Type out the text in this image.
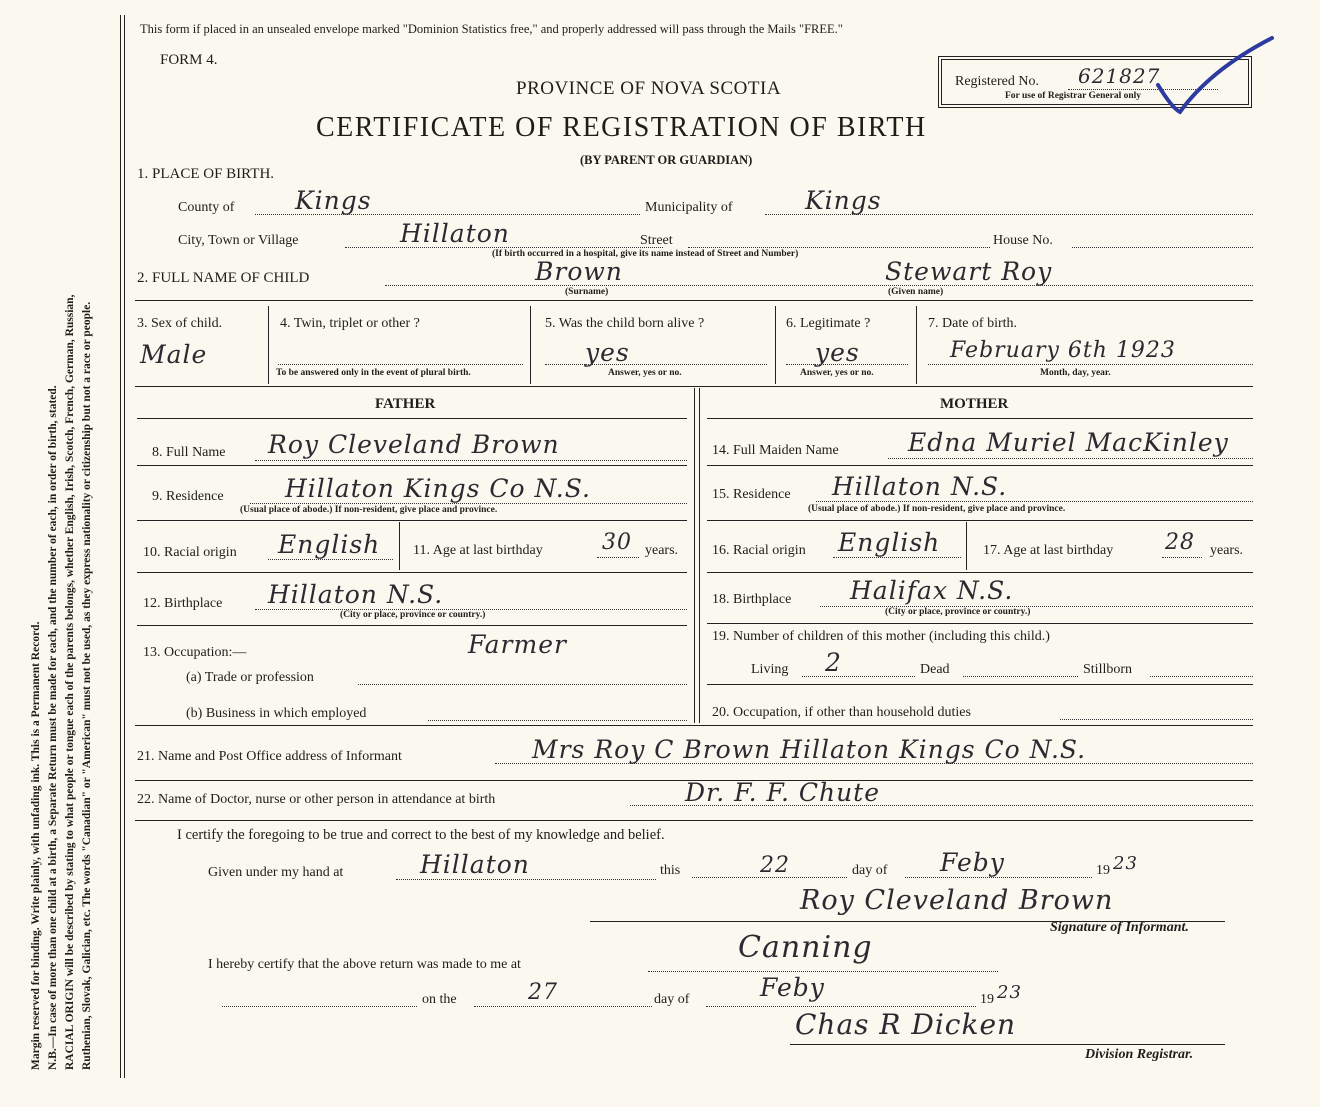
Margin reserved for binding. Write plainly, with unfading ink. This is a Permanent Record. N.B.—In case of more than one child at a birth, a Separate Return must be made for each, and the number of each, in order of birth, stated. RACIAL ORIGIN will be described by stating to what people or tongue each of the parents belongs, whether English, Irish, Scotch, French, German, Russian, Ruthenian, Slovak, Galician, etc. The words "Canadian" or "American" must not be used, as they express nationality or citizenship but not a race or people.
This form if placed in an unsealed envelope marked "Dominion Statistics free," and properly addressed will pass through the Mails "FREE."
FORM 4.
PROVINCE OF NOVA SCOTIA
CERTIFICATE OF REGISTRATION OF BIRTH
(BY PARENT OR GUARDIAN)
Registered No. 621827
For use of Registrar General only
1. PLACE OF BIRTH.
County of Kings	Municipality of	Kings
City, Town or Village	Hillaton	Street	House No.
(If birth occurred in a hospital, give its name instead of Street and Number)
2. FULL NAME OF CHILD	Brown
(Surname)
Stewart Roy
(Given name)
3. Sex of child.
Male
4. Twin, triplet or other ?
To be answered only in the event of plural birth.
5. Was the child born alive ?
yes
Answer, yes or no.
6. Legitimate ?
yes
Answer, yes or no.
7. Date of birth.
February 6th 1923
Month, day, year.
FATHER
8. Full Name Roy Cleveland Brown
9. Residence Hillaton Kings Co N.S.
(Usual place of abode.) If non-resident, give place and province.
10. Racial origin English 11. Age at last birthday	30 years.
12. Birthplace Hillaton N.S.
(City or place, province or country.)
13. Occupation:—	Farmer
(a) Trade or profession
(b) Business in which employed
MOTHER
14. Full Maiden Name	Edna Muriel MacKinley
15. Residence Hillaton N.S.
(Usual place of abode.) If non-resident, give place and province.
16. Racial origin English	17. Age at last birthday 28 years.
18. Birthplace Halifax N.S.
(City or place, province or country.)
19. Number of children of this mother (including this child.)
Living 2	Dead	Stillborn
20. Occupation, if other than household duties
21. Name and Post Office address of Informant	Mrs Roy C Brown Hillaton Kings Co N.S.
22. Name of Doctor, nurse or other person in attendance at birth	Dr. F. F. Chute
I certify the foregoing to be true and correct to the best of my knowledge and belief.
Given under my hand at	Hillaton	this	22	day of Feby	19 23
Roy Cleveland Brown
Signature of Informant.
I hereby certify that the above return was made to me at	Canning
on the	27	day of	Feby	19 23
Chas R Dicken
Division Registrar.
